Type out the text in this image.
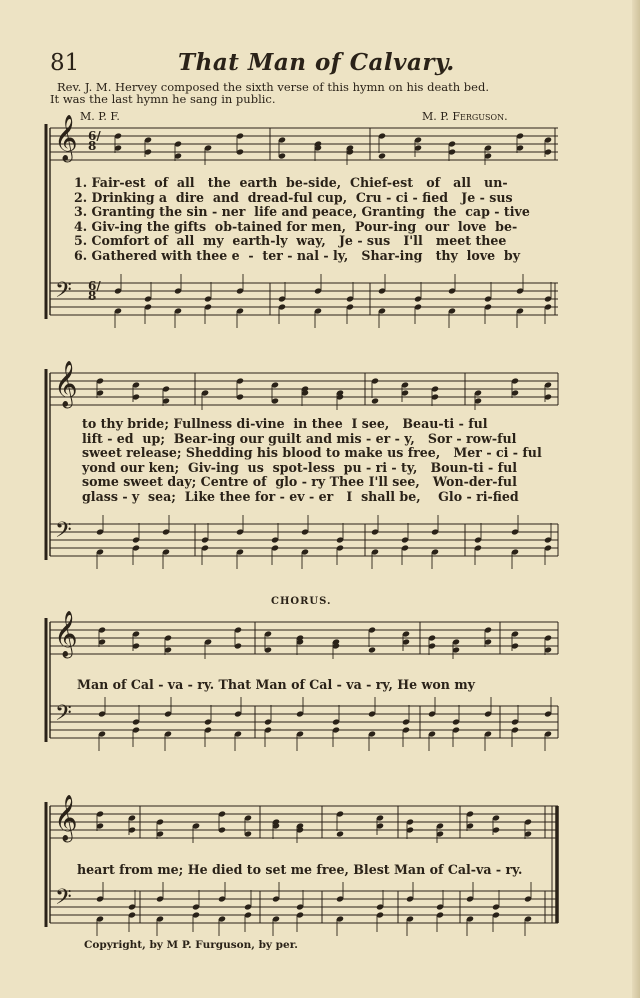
81	That Man of Calvary.
Rev. J. M. Hervey composed the sixth verse of this hymn on his death bed.
It was the last hymn he sang in public.
M. P. F.	M. P. Ferguson.
𝄞
𝄢
𝄞
𝄢
𝄞
𝄢
𝄞
𝄢
6/8
6/8
1. Fair-est  of  all   the  earth  be-side,  Chief-est   of   all   un-
2. Drinking a  dire  and  dread-ful cup,  Cru - ci - fied   Je - sus
3. Granting the sin - ner  life and peace, Granting  the  cap - tive
4. Giv-ing the gifts  ob-tained for men,  Pour-ing  our  love  be-
5. Comfort of  all  my  earth-ly  way,   Je - sus   I'll   meet thee
6. Gathered with thee e  -  ter - nal - ly,   Shar-ing   thy  love  by
to thy bride; Fullness di-vine  in thee  I see,   Beau-ti - ful
lift - ed  up;  Bear-ing our guilt and mis - er - y,   Sor - row-ful
sweet release; Shedding his blood to make us free,   Mer - ci - ful
yond our ken;  Giv-ing  us  spot-less  pu - ri - ty,   Boun-ti - ful
some sweet day; Centre of  glo - ry Thee I'll see,   Won-der-ful
glass - y  sea;  Like thee for - ev - er   I  shall be,    Glo - ri-fied
CHORUS.
Man of Cal - va - ry. That Man of Cal - va - ry, He won my
heart from me; He died to set me free, Blest Man of Cal-va - ry.
Copyright, by M P. Furguson, by per.
